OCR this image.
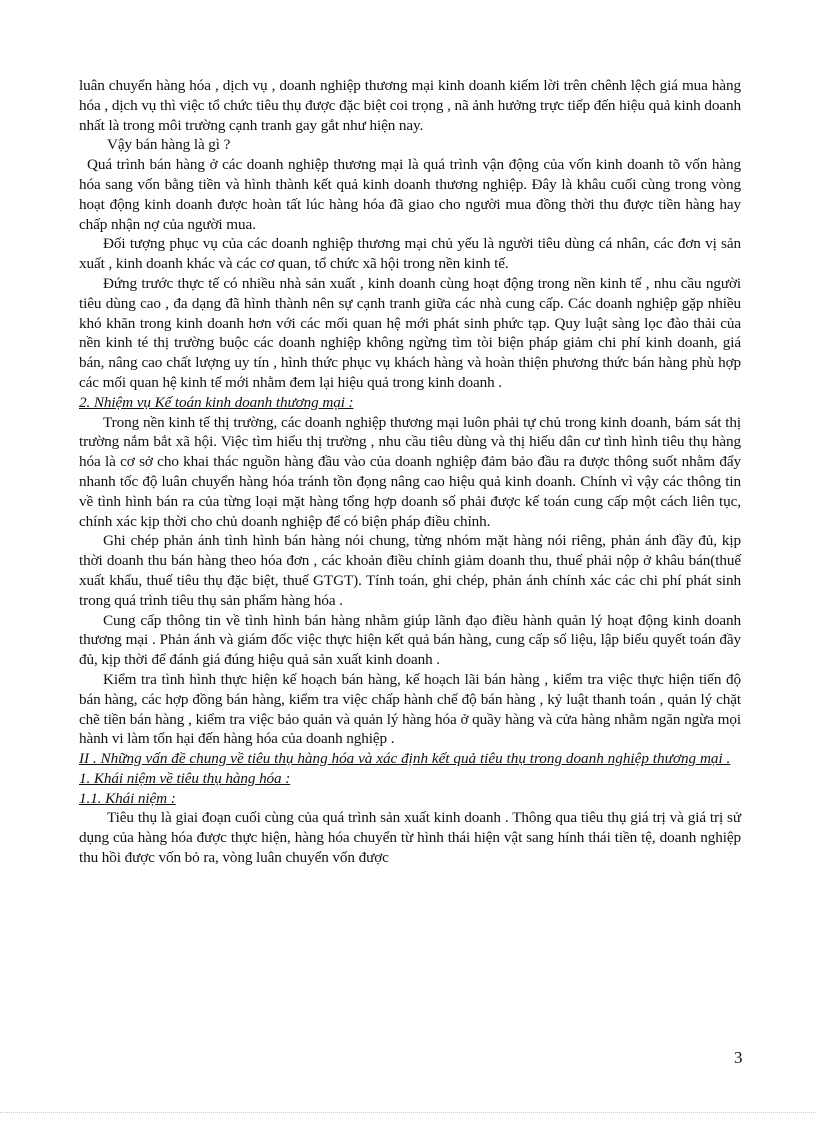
luân chuyển hàng hóa , dịch vụ , doanh nghiệp thương mại kinh doanh kiếm lời trên chênh lệch giá mua hàng hóa , dịch vụ thì việc tổ chức tiêu thụ được đặc biệt coi trọng , nã ảnh hưởng trực tiếp đến hiệu quả kinh doanh nhất là trong môi trường cạnh tranh gay gắt như hiện nay.

Vậy bán hàng là gì ?

Quá trình bán hàng ở các doanh nghiệp thương mại là quá trình vận động của vốn kinh doanh tõ vốn hàng hóa sang vốn bằng tiền và hình thành kết quả kinh doanh thương nghiệp. Đây là khâu cuối cùng trong vòng hoạt động kinh doanh được hoàn tất lúc hàng hóa đã giao cho người mua đồng thời thu được tiền hàng hay chấp nhận nợ của người mua.

Đối tượng phục vụ của các doanh nghiệp thương mại chủ yếu là người tiêu dùng cá nhân, các đơn vị sản xuất , kinh doanh khác và các cơ quan, tổ chức xã hội trong nền kinh tế.

Đứng trước thực tế có nhiều nhà sản xuất , kinh doanh cùng hoạt động trong nền kinh tế , nhu cầu người tiêu dùng cao , đa dạng đã hình thành nên sự cạnh tranh giữa các nhà cung cấp. Các doanh nghiệp gặp nhiều khó khăn trong kinh doanh hơn với các mối quan hệ mới phát sinh phức tạp. Quy luật sàng lọc đào thải của nền kinh té thị trường buộc các doanh nghiệp không ngừng tìm tòi biện pháp giảm chi phí kinh doanh, giá bán, nâng cao chất lượng uy tín , hình thức phục vụ khách hàng và hoàn thiện phương thức bán hàng phù hợp các mối quan hệ kinh tế mới nhằm đem lại hiệu quả trong kinh doanh .

2. Nhiệm vụ Kế toán kinh doanh thương mại :

Trong nền kinh tế thị trường, các doanh nghiệp thương mại luôn phải tự chủ trong kinh doanh, bám sát thị trường nắm bắt xã hội. Việc tìm hiểu thị trường , nhu cầu tiêu dùng và thị hiếu dân cư tình hình tiêu thụ hàng hóa là cơ sở cho khai thác nguồn hàng đầu vào của doanh nghiệp đảm bảo đầu ra được thông suốt nhằm đẩy nhanh tốc độ luân chuyển hàng hóa tránh tồn đọng nâng cao hiệu quả kinh doanh. Chính vì vậy các thông tin về tình hình bán ra của từng loại mặt hàng tổng hợp doanh số phải được kế toán cung cấp một cách liên tục, chính xác kịp thời cho chủ doanh nghiệp để có biện pháp điều chỉnh.

Ghi chép phản ánh tình hình bán hàng nói chung, từng nhóm mặt hàng nói riêng, phản ánh đầy đủ, kịp thời doanh thu bán hàng theo hóa đơn , các khoản điều chỉnh giảm doanh thu, thuế phải nộp ở khâu bán(thuế xuất khẩu, thuế tiêu thụ đặc biệt, thuế GTGT). Tính toán, ghi chép, phản ánh chính xác các chi phí phát sinh trong quá trình tiêu thụ sản phẩm hàng hóa .

Cung cấp thông tin về tình hình bán hàng nhằm giúp lãnh đạo điều hành quản lý hoạt động kinh doanh thương mại . Phản ánh và giám đốc việc thực hiện kết quả bán hàng, cung cấp số liệu, lập biểu quyết toán đầy đủ, kịp thời để đánh giá đúng hiệu quả sản xuất kinh doanh .

Kiểm tra tình hình thực hiện kế hoạch bán hàng, kế hoạch lãi bán hàng , kiểm tra việc thực hiện tiến độ bán hàng, các hợp đồng bán hàng, kiểm tra việc chấp hành chế độ bán hàng , kỷ luật thanh toán , quản lý chặt chẽ tiền bán hàng , kiểm tra việc bảo quản và quản lý hàng hóa ở quầy hàng và cửa hàng nhằm ngăn ngừa mọi hành vi làm tổn hại đến hàng hóa của doanh nghiệp .

II . Những vấn đề chung về tiêu thụ hàng hóa và xác định kết quả tiêu thụ trong doanh nghiệp thương mại .

1. Khái niệm về tiêu thụ hàng hóa :

1.1. Khái niệm :

Tiêu thụ là giai đoạn cuối cùng của quá trình sản xuất kinh doanh . Thông qua tiêu thụ giá trị và giá trị sử dụng của hàng hóa được thực hiện, hàng hóa chuyển từ hình thái hiện vật sang hính thái tiền tệ, doanh nghiệp thu hồi được vốn bỏ ra, vòng luân chuyển vốn được

3
